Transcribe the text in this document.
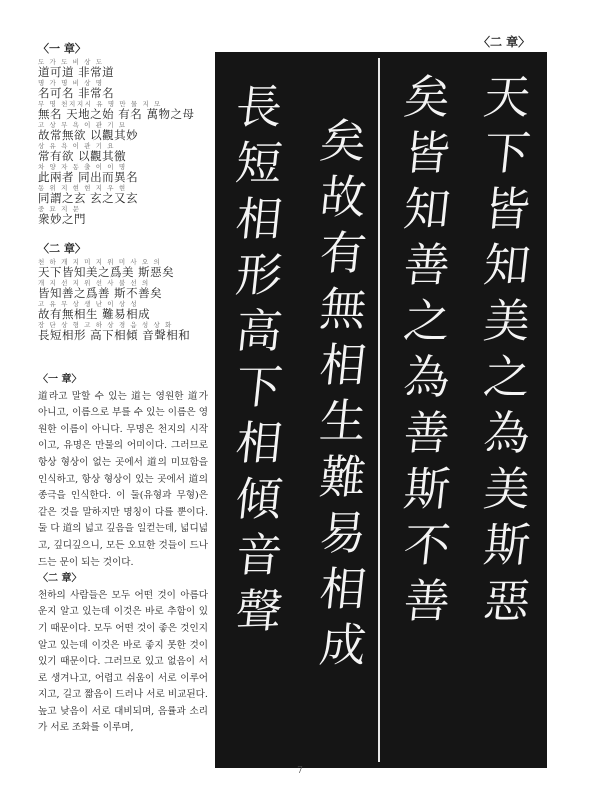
〈一 章〉
도 가 도 비 상 도
道可道 非常道
명 가 명 비 상 명
名可名 非常名
무 명 천지지시 유 명 만 물 지 모
無名 天地之始 有名 萬物之母
고 상 무 욕 이 관 기 묘
故常無欲 以觀其妙
상 유 욕 이 관 기 요
常有欲 以觀其徼
차 양 자 동 출 이 이 명
此兩者 同出而異名
동 위 지 현 현 지 우 현
同謂之玄 玄之又玄
중 묘 지 문
衆妙之門
〈二 章〉
천 하 개 지 미 지 위 미 사 오 의
天下皆知美之爲美 斯惡矣
개 지 선 지 위 선 사 불 선 의
皆知善之爲善 斯不善矣
고 유 무 상 생 난 이 상 성
故有無相生 難易相成
장 단 상 형 고 하 상 경 음 성 상 화
長短相形 高下相傾 音聲相和
〈一 章〉

道라고 말할 수 있는 道는 영원한 道가 아니고, 이름으로 부를 수 있는 이름은 영원한 이름이 아니다. 무명은 천지의 시작이고, 유명은 만물의 어미이다. 그러므로 항상 형상이 없는 곳에서 道의 미묘함을 인식하고, 항상 형상이 있는 곳에서 道의 종극을 인식한다. 이 둘(유형과 무형)은 같은 것을 말하지만 명칭이 다를 뿐이다. 둘 다 道의 넓고 깊음을 일컫는데, 넓디넓고, 깊디깊으니, 모든 오묘한 것들이 드나드는 문이 되는 것이다.

〈二 章〉

천하의 사람들은 모두 어떤 것이 아름다운지 알고 있는데 이것은 바로 추함이 있기 때문이다. 모두 어떤 것이 좋은 것인지 알고 있는데 이것은 바로 좋지 못한 것이 있기 때문이다. 그러므로 있고 없음이 서로 생겨나고, 어렵고 쉬움이 서로 이루어지고, 길고 짧음이 드러나 서로 비교된다. 높고 낮음이 서로 대비되며, 음률과 소리가 서로 조화를 이루며,

〈二 章〉
天
下
皆
知
美
之
為
美
斯
惡
矣
皆
知
善
之
為
善
斯
不
善
矣
故
有
無
相
生
難
易
相
成
長
短
相
形
高
下
相
傾
音
聲
7
